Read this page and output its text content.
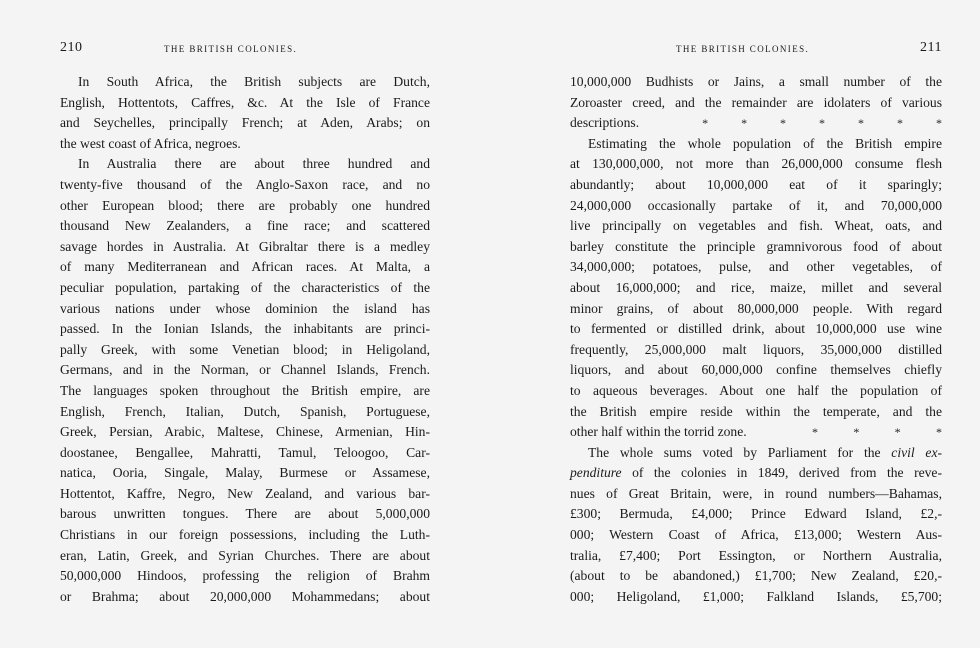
210	THE BRITISH COLONIES.
In South Africa, the British subjects are Dutch,
English, Hottentots, Caffres, &c. At the Isle of France
and Seychelles, principally French; at Aden, Arabs; on
the west coast of Africa, negroes.
In Australia there are about three hundred and
twenty-five thousand of the Anglo-Saxon race, and no
other European blood; there are probably one hundred
thousand New Zealanders, a fine race; and scattered
savage hordes in Australia. At Gibraltar there is a medley
of many Mediterranean and African races. At Malta, a
peculiar population, partaking of the characteristics of the
various nations under whose dominion the island has
passed. In the Ionian Islands, the inhabitants are princi-
pally Greek, with some Venetian blood; in Heligoland,
Germans, and in the Norman, or Channel Islands, French.
The languages spoken throughout the British empire, are
English, French, Italian, Dutch, Spanish, Portuguese,
Greek, Persian, Arabic, Maltese, Chinese, Armenian, Hin-
doostanee, Bengallee, Mahratti, Tamul, Teloogoo, Car-
natica, Ooria, Singale, Malay, Burmese or Assamese,
Hottentot, Kaffre, Negro, New Zealand, and various bar-
barous unwritten tongues. There are about 5,000,000
Christians in our foreign possessions, including the Luth-
eran, Latin, Greek, and Syrian Churches. There are about
50,000,000 Hindoos, professing the religion of Brahm
or Brahma; about 20,000,000 Mohammedans; about
THE BRITISH COLONIES.	211
10,000,000 Budhists or Jains, a small number of the
Zoroaster creed, and the remainder are idolaters of various
descriptions.	*	*	*	*	*	*	*
Estimating the whole population of the British empire
at 130,000,000, not more than 26,000,000 consume flesh
abundantly; about 10,000,000 eat of it sparingly;
24,000,000 occasionally partake of it, and 70,000,000
live principally on vegetables and fish. Wheat, oats, and
barley constitute the principle gramnivorous food of about
34,000,000; potatoes, pulse, and other vegetables, of
about 16,000,000; and rice, maize, millet and several
minor grains, of about 80,000,000 people. With regard
to fermented or distilled drink, about 10,000,000 use wine
frequently, 25,000,000 malt liquors, 35,000,000 distilled
liquors, and about 60,000,000 confine themselves chiefly
to aqueous beverages. About one half the population of
the British empire reside within the temperate, and the
other half within the torrid zone.	*	*	*	*
The whole sums voted by Parliament for the civil ex-
penditure of the colonies in 1849, derived from the reve-
nues of Great Britain, were, in round numbers—Bahamas,
£300; Bermuda, £4,000; Prince Edward Island, £2,-
000; Western Coast of Africa, £13,000; Western Aus-
tralia, £7,400; Port Essington, or Northern Australia,
(about to be abandoned,) £1,700; New Zealand, £20,-
000; Heligoland, £1,000; Falkland Islands, £5,700;
